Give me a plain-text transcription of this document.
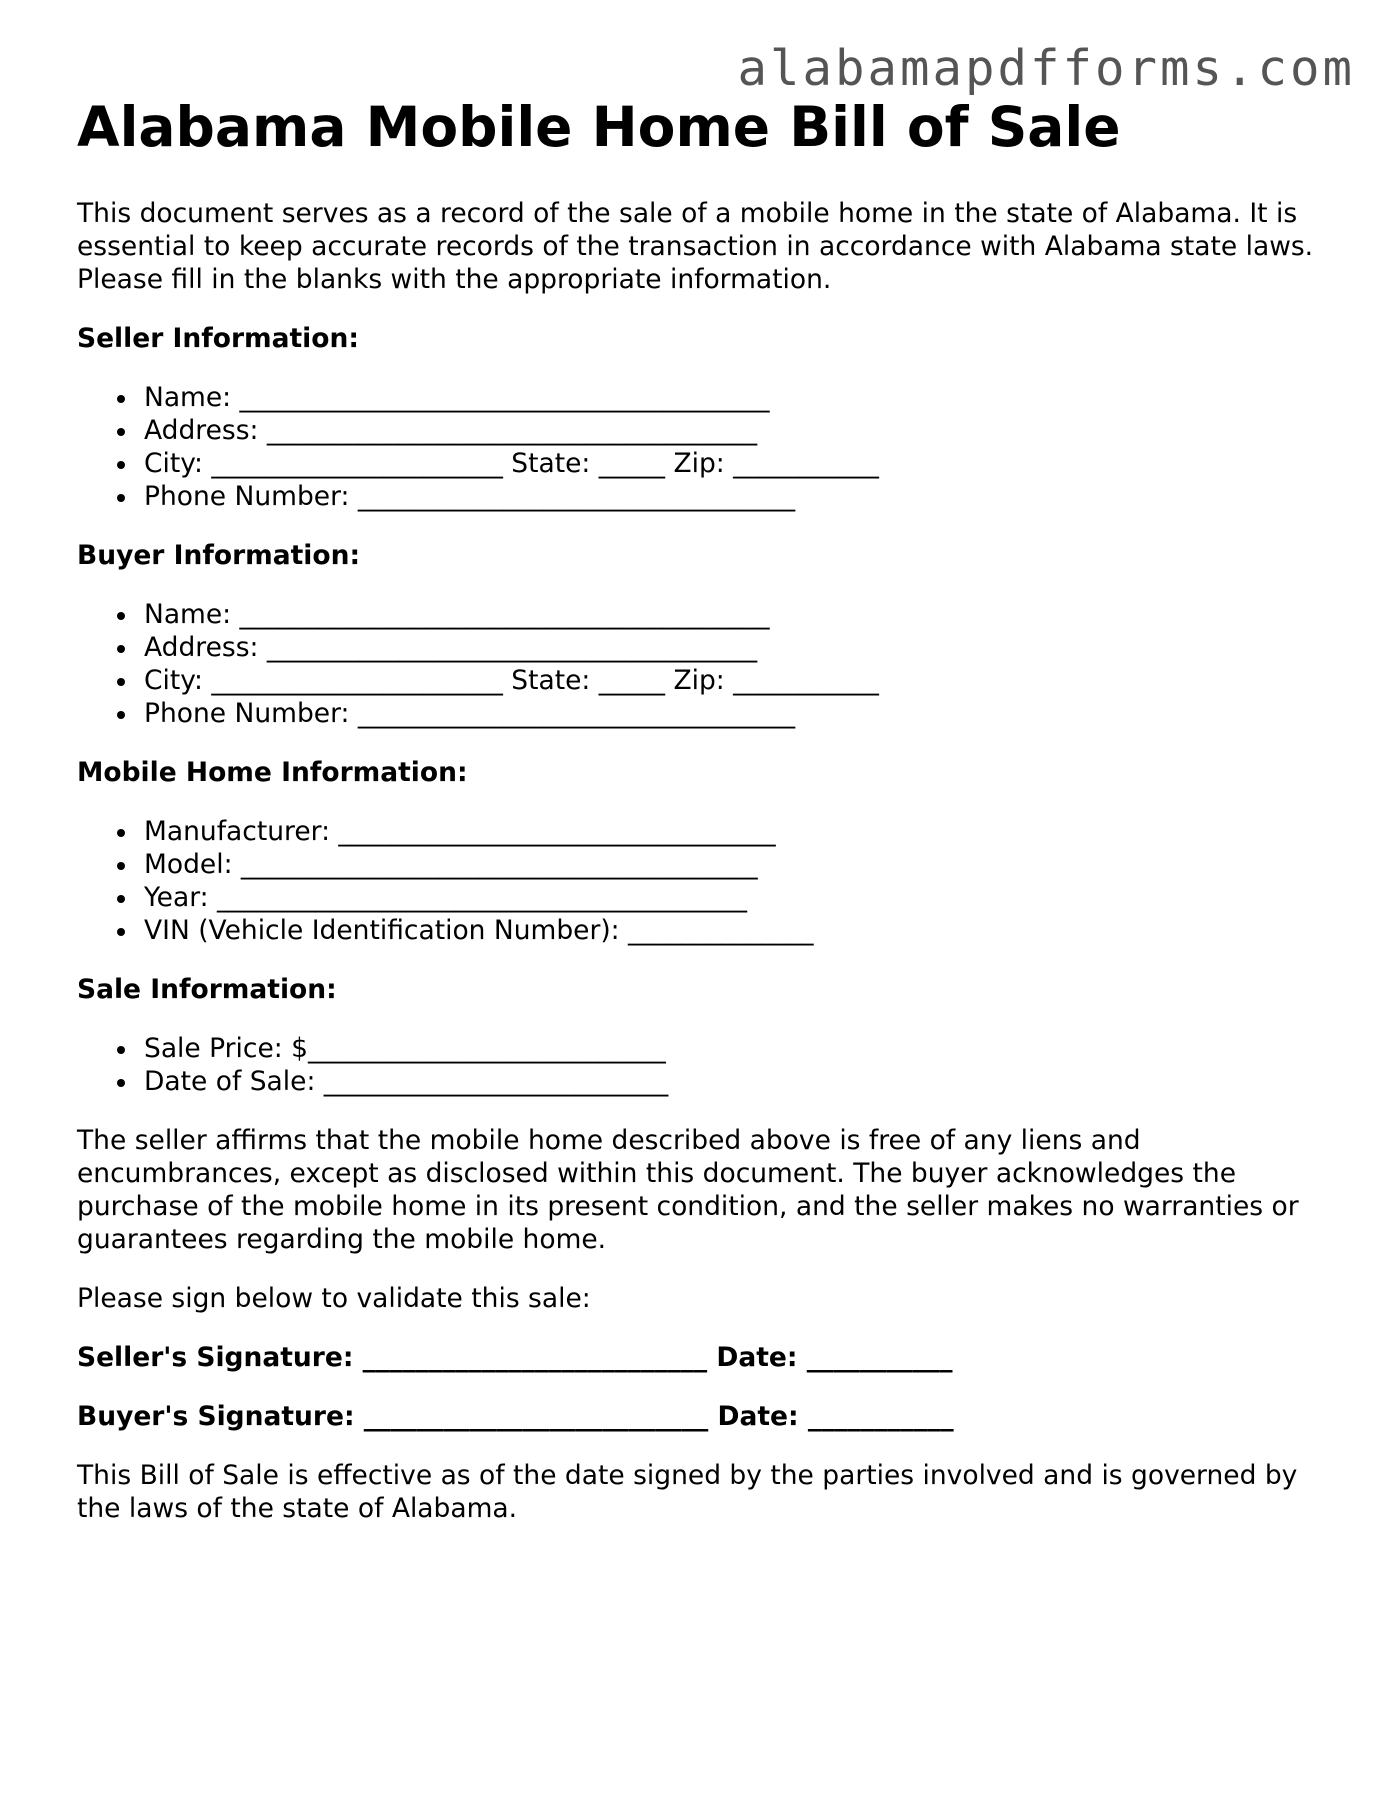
alabamapdfforms.com
Alabama Mobile Home Bill of Sale

This document serves as a record of the sale of a mobile home in the state of Alabama. It is essential to keep accurate records of the transaction in accordance with Alabama state laws. Please fill in the blanks with the appropriate information.

Seller Information:
Name: ________________________________________
Address: _____________________________________
City: ______________________ State: _____ Zip: ___________
Phone Number: _________________________________
Buyer Information:
Name: ________________________________________
Address: _____________________________________
City: ______________________ State: _____ Zip: ___________
Phone Number: _________________________________
Mobile Home Information:
Manufacturer: _________________________________
Model: _______________________________________
Year: ________________________________________
VIN (Vehicle Identification Number): ______________
Sale Information:
Sale Price: $___________________________
Date of Sale: __________________________

The seller affirms that the mobile home described above is free of any liens and encumbrances, except as disclosed within this document. The buyer acknowledges the purchase of the mobile home in its present condition, and the seller makes no warranties or guarantees regarding the mobile home.

Please sign below to validate this sale:

Seller's Signature: __________________________ Date: ___________
Buyer's Signature: __________________________ Date: ___________

This Bill of Sale is effective as of the date signed by the parties involved and is governed by the laws of the state of Alabama.
